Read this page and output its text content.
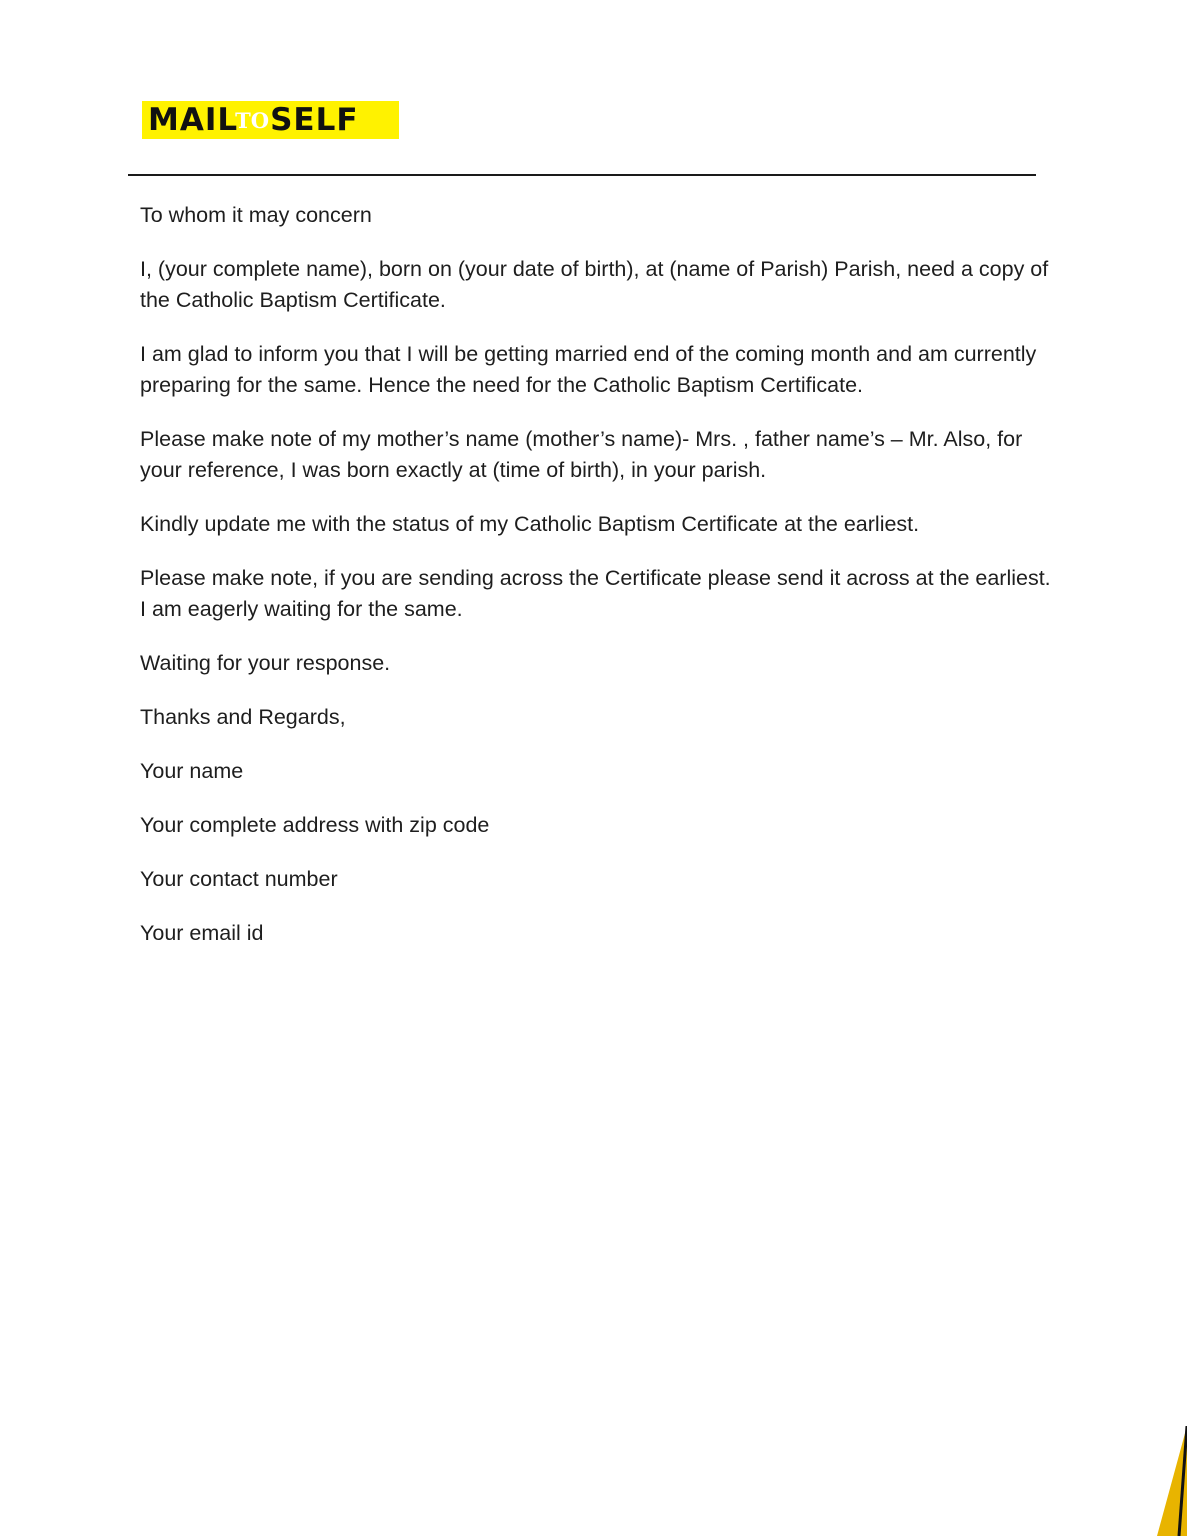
MAIL
TO SELF

To whom it may concern

I, (your complete name), born on (your date of birth), at (name of Parish) Parish, need a copy of the Catholic Baptism Certificate.

I am glad to inform you that I will be getting married end of the coming month and am currently preparing for the same. Hence the need for the Catholic Baptism Certificate.

Please make note of my mother’s name (mother’s name)- Mrs. , father name’s – Mr. Also, for your reference, I was born exactly at (time of birth), in your parish.

Kindly update me with the status of my Catholic Baptism Certificate at the earliest.

Please make note, if you are sending across the Certificate please send it across at the earliest. I am eagerly waiting for the same.

Waiting for your response.

Thanks and Regards,

Your name

Your complete address with zip code

Your contact number

Your email id
